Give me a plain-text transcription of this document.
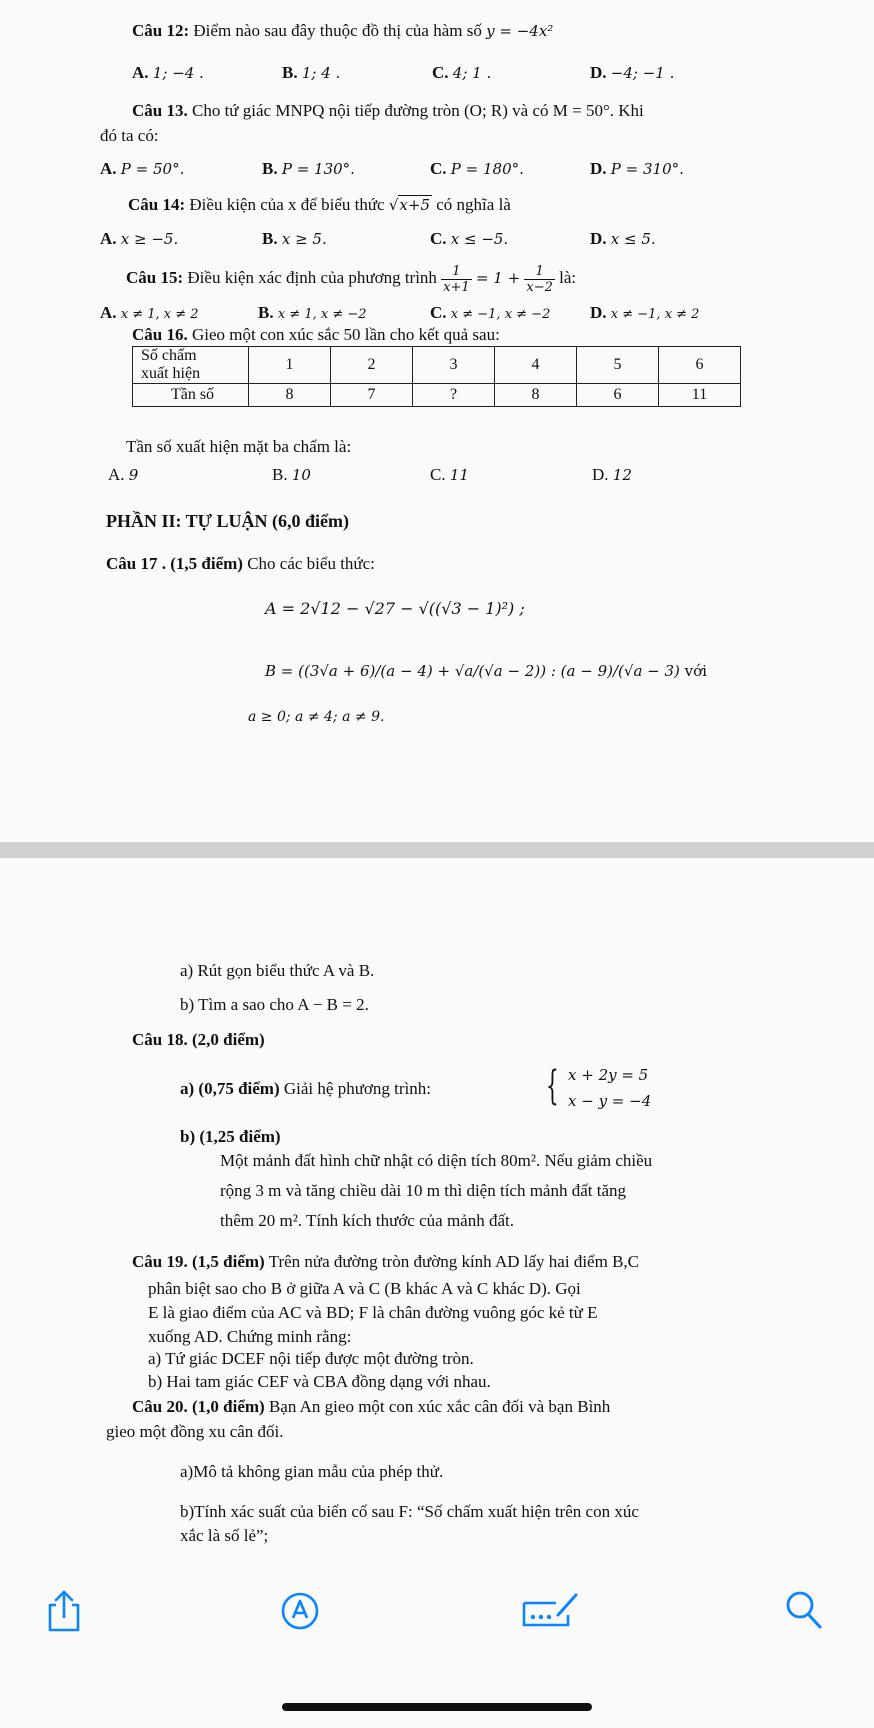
Câu 12: Điểm nào sau đây thuộc đồ thị của hàm số y = −4x²
A. 1; −4 .	B. 1; 4 .	C. 4; 1 .	D. −4; −1 .
Câu 13. Cho tứ giác MNPQ nội tiếp đường tròn (O; R) và có M = 50°. Khi
đó ta có:
A. P = 50°.	B. P = 130°.	C. P = 180°.	D. P = 310°.
Câu 14: Điều kiện của x để biểu thức √x+5 có nghĩa là
A. x ≥ −5.	B. x ≥ 5.	C. x ≤ −5.	D. x ≤ 5.
Câu 15: Điều kiện xác định của phương trình $\frac{1}{x+1} = 1 + \frac{1}{x-2}$ là:
A. x ≠ 1, x ≠ 2	B. x ≠ 1, x ≠ −2	C. x ≠ −1, x ≠ −2 D. x ≠ −1, x ≠ 2
Câu 16. Gieo một con xúc sắc 50 lần cho kết quả sau:
Số chấm
xuất hiện	1	2	3	4	5	6
Tần số	8	7	?	8	6	11
Tần số xuất hiện mặt ba chấm là:
A. 9	B. 10	C. 11	D. 12
PHẦN II: TỰ LUẬN (6,0 điểm)
Câu 17 . (1,5 điểm) Cho các biểu thức:
A = 2√12 − √27 − √((√3 − 1)²) ;
B = ((3√a + 6)/(a − 4) + √a/(√a − 2)) : (a − 9)/(√a − 3) với
a ≥ 0; a ≠ 4; a ≠ 9.
a) Rút gọn biểu thức A và B.
b) Tìm a sao cho A − B = 2.
Câu 18. (2,0 điểm)
a) (0,75 điểm) Giải hệ phương trình:	{ x + 2y = 5
x − y = −4
b) (1,25 điểm)
Một mảnh đất hình chữ nhật có diện tích 80m². Nếu giảm chiều
rộng 3 m và tăng chiều dài 10 m thì diện tích mảnh đất tăng
thêm 20 m². Tính kích thước của mảnh đất.
Câu 19. (1,5 điểm) Trên nửa đường tròn đường kính AD lấy hai điểm B,C
phân biệt sao cho B ở giữa A và C (B khác A và C khác D). Gọi
E là giao điểm của AC và BD; F là chân đường vuông góc kẻ từ E
xuống AD. Chứng minh rằng:
a) Tứ giác DCEF nội tiếp được một đường tròn.
b) Hai tam giác CEF và CBA đồng dạng với nhau.
Câu 20. (1,0 điểm) Bạn An gieo một con xúc xắc cân đối và bạn Bình
gieo một đồng xu cân đối.
a)Mô tả không gian mẫu của phép thử.
b)Tính xác suất của biến cố sau F: “Số chấm xuất hiện trên con xúc
xắc là số lẻ”;
